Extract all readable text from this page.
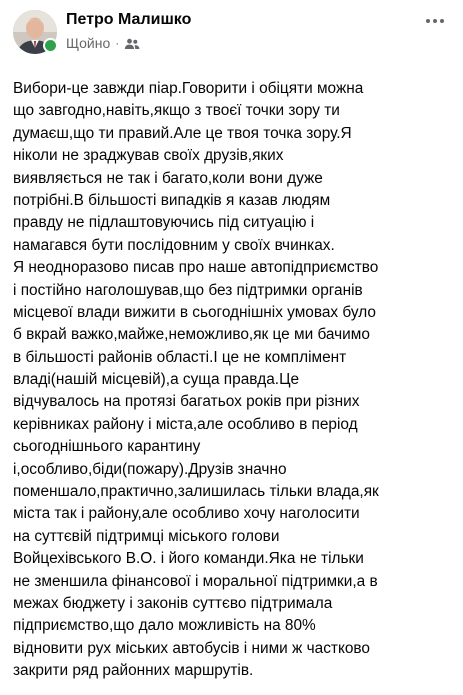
Петро Малишко
Щойно ·
Вибори-це завжди піар.Говорити і обіцяти можна
що завгодно,навіть,якщо з твоєї точки зору ти
думаєш,що ти правий.Але це твоя точка зору.Я
ніколи не зраджував своїх друзів,яких
виявляється не так і багато,коли вони дуже
потрібні.В більшості випадків я казав людям
правду не підлаштовуючись під ситуацію і
намагався бути послідовним у своїх вчинках.
Я неодноразово писав про наше автопідприємство
і постійно наголошував,що без підтримки органів
місцевої влади вижити в сьогоднішніх умовах було
б вкрай важко,майже,неможливо,як це ми бачимо
в більшості районів області.І це не комплімент
владі(нашій місцевій),а суща правда.Це
відчувалось на протязі багатьох років при різних
керівниках району і міста,але особливо в період
сьогоднішнього карантину
і,особливо,біди(пожару).Друзів значно
поменшало,практично,залишилась тільки влада,як
міста так і району,але особливо хочу наголосити
на суттєвій підтримці міського голови
Войцехівського В.О. і його команди.Яка не тільки
не зменшила фінансової і моральної підтримки,а в
межах бюджету і законів суттєво підтримала
підприємство,що дало можливість на 80%
відновити рух міських автобусів і ними ж частково
закрити ряд районних маршрутів.
